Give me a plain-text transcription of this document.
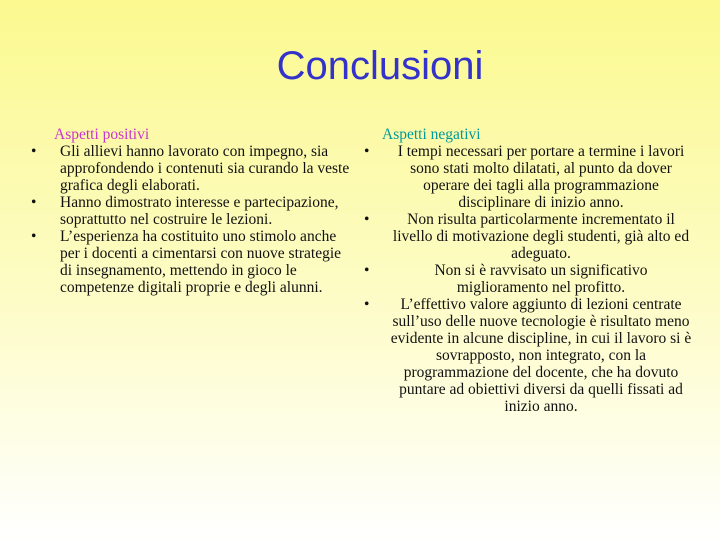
Conclusioni
Aspetti positivi
• Gli allievi hanno lavorato con impegno, sia approfondendo i contenuti sia curando la veste grafica degli elaborati.
• Hanno dimostrato interesse e partecipazione, soprattutto nel costruire le lezioni.
• L’esperienza ha costituito uno stimolo anche per i docenti a cimentarsi con nuove strategie di insegnamento, mettendo in gioco le competenze digitali proprie e degli alunni.
Aspetti negativi
• I tempi necessari per portare a termine i lavori sono stati molto dilatati, al punto da dover operare dei tagli alla programmazione disciplinare di inizio anno.
• Non risulta particolarmente incrementato il livello di motivazione degli studenti, già alto ed adeguato.
•	Non si è ravvisato un significativo miglioramento nel profitto.
• L’effettivo valore aggiunto di lezioni centrate sull’uso delle nuove tecnologie è risultato meno evidente in alcune discipline, in cui il lavoro si è sovrapposto, non integrato, con la programmazione del docente, che ha dovuto puntare ad obiettivi diversi da quelli fissati ad inizio anno.
